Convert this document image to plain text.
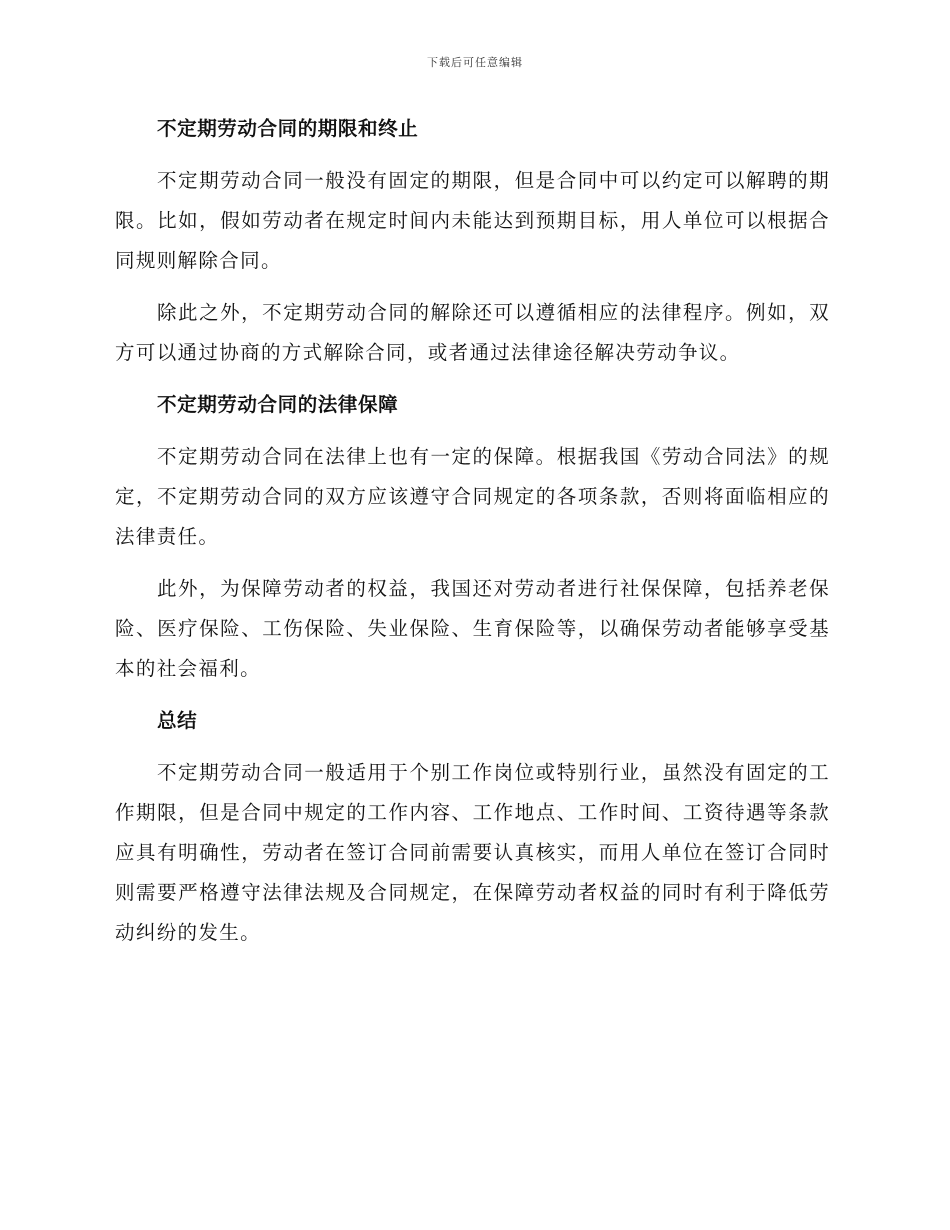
下载后可任意编辑
不定期劳动合同的期限和终止

不定期劳动合同一般没有固定的期限，但是合同中可以约定可以解聘的期限。比如，假如劳动者在规定时间内未能达到预期目标，用人单位可以根据合同规则解除合同。

除此之外，不定期劳动合同的解除还可以遵循相应的法律程序。例如，双方可以通过协商的方式解除合同，或者通过法律途径解决劳动争议。

不定期劳动合同的法律保障

不定期劳动合同在法律上也有一定的保障。根据我国《劳动合同法》的规定，不定期劳动合同的双方应该遵守合同规定的各项条款，否则将面临相应的法律责任。

此外，为保障劳动者的权益，我国还对劳动者进行社保保障，包括养老保险、医疗保险、工伤保险、失业保险、生育保险等，以确保劳动者能够享受基本的社会福利。

总结

不定期劳动合同一般适用于个别工作岗位或特别行业，虽然没有固定的工作期限，但是合同中规定的工作内容、工作地点、工作时间、工资待遇等条款应具有明确性，劳动者在签订合同前需要认真核实，而用人单位在签订合同时则需要严格遵守法律法规及合同规定，在保障劳动者权益的同时有利于降低劳动纠纷的发生。
